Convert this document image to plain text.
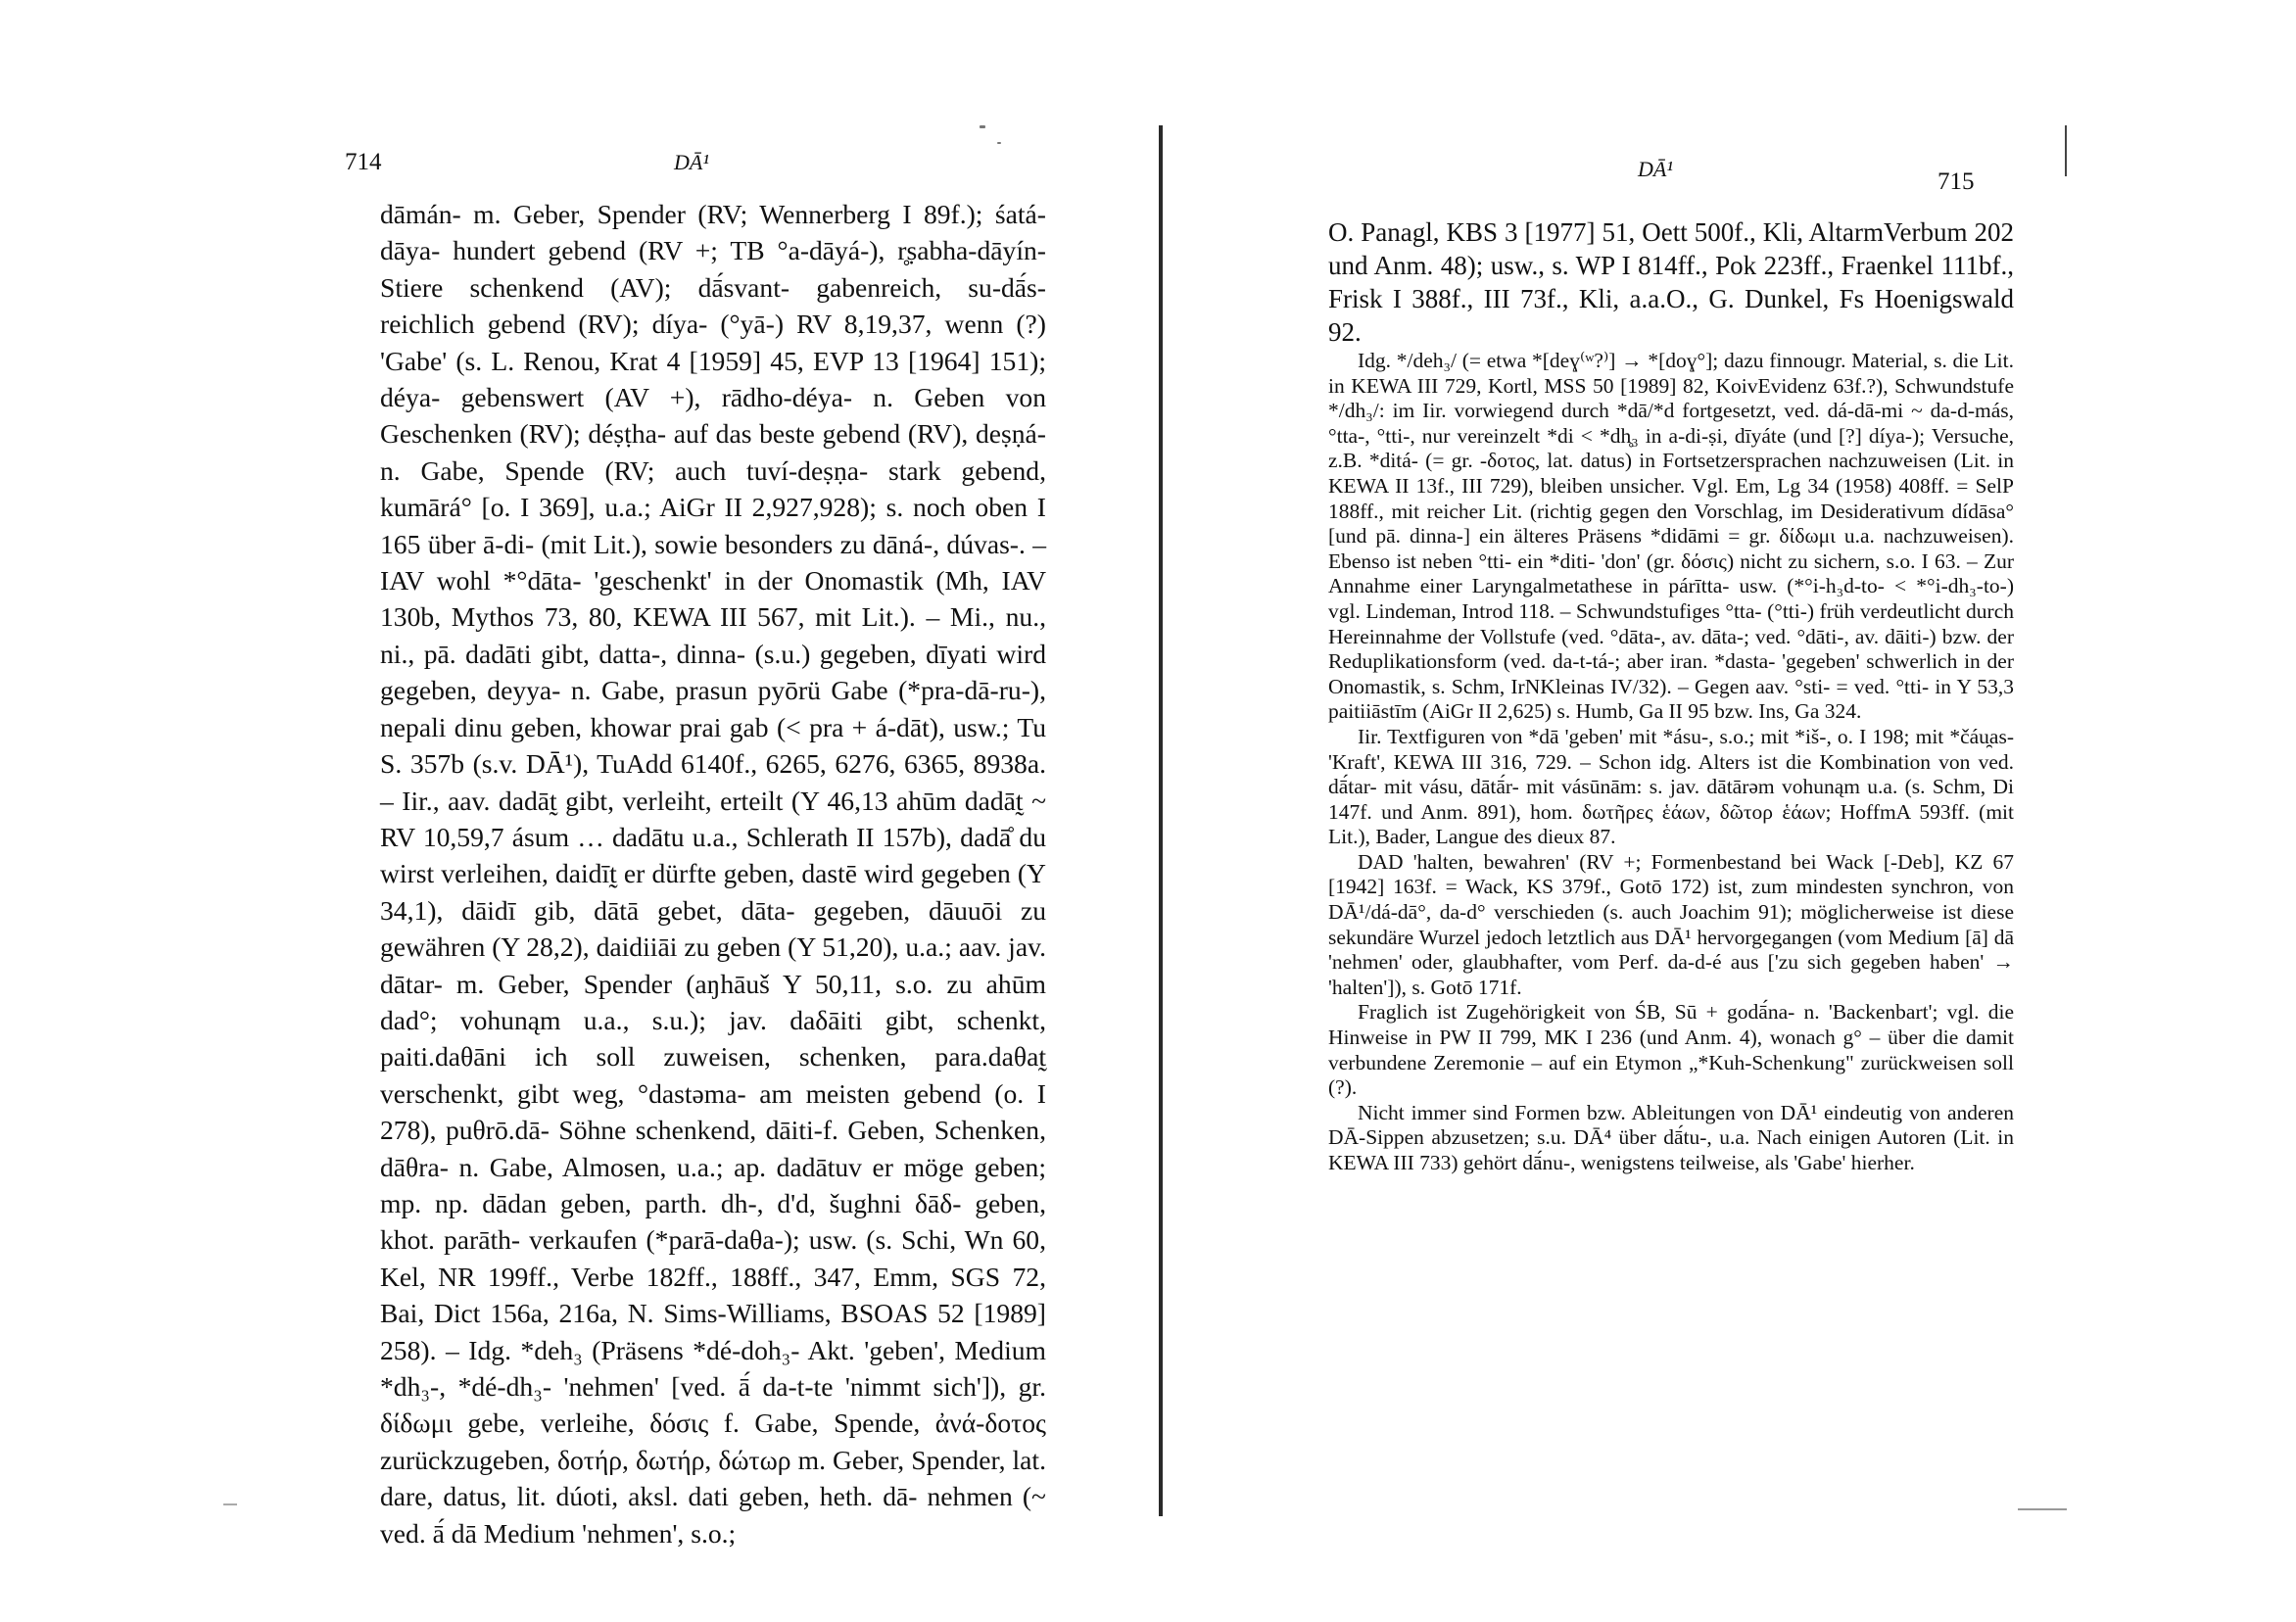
714	DĀ¹
dāmán- m. Geber, Spender (RV; Wennerberg I 89f.); śatá-dāya- hundert gebend (RV +; TB °a-dāyá-), r̥ṣabha-dāyín-Stiere schenkend (AV); dā́svant- gabenreich, su-dā́s- reichlich gebend (RV); díya- (°yā-) RV 8,19,37, wenn (?) 'Gabe' (s. L. Renou, Krat 4 [1959] 45, EVP 13 [1964] 151); déya- gebenswert (AV +), rādho-déya- n. Geben von Geschenken (RV); déṣṭha- auf das beste gebend (RV), deṣṇá- n. Gabe, Spende (RV; auch tuví-deṣṇa- stark gebend, kumārá° [o. I 369], u.a.; AiGr II 2,927,928); s. noch oben I 165 über ā-di- (mit Lit.), sowie besonders zu dāná-, dúvas-. – IAV wohl *°dāta- 'geschenkt' in der Onomastik (Mh, IAV 130b, Mythos 73, 80, KEWA III 567, mit Lit.). – Mi., nu., ni., pā. dadāti gibt, datta-, dinna- (s.u.) gegeben, dīyati wird gegeben, deyya- n. Gabe, prasun pyōrü Gabe (*pra-dā-ru-), nepali dinu geben, khowar prai gab (< pra + á-dāt), usw.; Tu S. 357b (s.v. DĀ¹), TuAdd 6140f., 6265, 6276, 6365, 8938a. – Iir., aav. dadāt̰ gibt, verleiht, erteilt (Y 46,13 ahūm dadāt̰ ~ RV 10,59,7 ásum … dadātu u.a., Schlerath II 157b), dadā̊ du wirst verleihen, daidīt̰ er dürfte geben, dastē wird gegeben (Y 34,1), dāidī gib, dātā gebet, dāta- gegeben, dāuuōi zu gewähren (Y 28,2), daidiiāi zu geben (Y 51,20), u.a.; aav. jav. dātar- m. Geber, Spender (aŋhāuš Y 50,11, s.o. zu ahūm dad°; vohunąm u.a., s.u.); jav. daδāiti gibt, schenkt, paiti.daθāni ich soll zuweisen, schenken, para.daθat̰ verschenkt, gibt weg, °dastəma- am meisten gebend (o. I 278), puθrō.dā- Söhne schenkend, dāiti-f. Geben, Schenken, dāθra- n. Gabe, Almosen, u.a.; ap. dadātuv er möge geben; mp. np. dādan geben, parth. dh-, d'd, šughni δāδ- geben, khot. parāth- verkaufen (*parā-daθa-); usw. (s. Schi, Wn 60, Kel, NR 199ff., Verbe 182ff., 188ff., 347, Emm, SGS 72, Bai, Dict 156a, 216a, N. Sims-Williams, BSOAS 52 [1989] 258). – Idg. *deh₃ (Präsens *dé-doh₃- Akt. 'geben', Medium *dh₃-, *dé-dh₃- 'nehmen' [ved. ā́ da-t-te 'nimmt sich']), gr. δίδωμι gebe, verleihe, δόσις f. Gabe, Spende, ἀνά-δοτος zurückzugeben, δοτήρ, δωτήρ, δώτωρ m. Geber, Spender, lat. dare, datus, lit. dúoti, aksl. dati geben, heth. dā- nehmen (~ ved. ā́ dā Medium 'nehmen', s.o.;
DĀ¹	715
O. Panagl, KBS 3 [1977] 51, Oett 500f., Kli, AltarmVerbum 202 und Anm. 48); usw., s. WP I 814ff., Pok 223ff., Fraenkel 111bf., Frisk I 388f., III 73f., Kli, a.a.O., G. Dunkel, Fs Hoenigswald 92.

Idg. */deh₃/ (= etwa *[deɣ⁽ʷ?⁾] → *[doɣ°]; dazu finnougr. Material, s. die Lit. in KEWA III 729, Kortl, MSS 50 [1989] 82, KoivEvidenz 63f.?), Schwundstufe */dh₃/: im Iir. vorwiegend durch *dā/*d fortgesetzt, ved. dá-dā-mi ~ da-d-más, °tta-, °tti-, nur vereinzelt *di < *dh̥₃ in a-di-ṣi, dīyáte (und [?] díya-); Versuche, z.B. *ditá- (= gr. -δοτος, lat. datus) in Fortsetzersprachen nachzuweisen (Lit. in KEWA II 13f., III 729), bleiben unsicher. Vgl. Em, Lg 34 (1958) 408ff. = SelP 188ff., mit reicher Lit. (richtig gegen den Vorschlag, im Desiderativum dídāsa° [und pā. dinna-] ein älteres Präsens *didāmi = gr. δίδωμι u.a. nachzuweisen). Ebenso ist neben °tti- ein *diti- 'don' (gr. δόσις) nicht zu sichern, s.o. I 63. – Zur Annahme einer Laryngalmetathese in párītta- usw. (*°i-h₃d-to- < *°i-dh₃-to-) vgl. Lindeman, Introd 118. – Schwundstufiges °tta- (°tti-) früh verdeutlicht durch Hereinnahme der Vollstufe (ved. °dāta-, av. dāta-; ved. °dāti-, av. dāiti-) bzw. der Reduplikationsform (ved. da-t-tá-; aber iran. *dasta- 'gegeben' schwerlich in der Onomastik, s. Schm, IrNKleinas IV/32). – Gegen aav. °sti- = ved. °tti- in Y 53,3 paitiiāstīm (AiGr II 2,625) s. Humb, Ga II 95 bzw. Ins, Ga 324.

Iir. Textfiguren von *dā 'geben' mit *ásu-, s.o.; mit *iš-, o. I 198; mit *čáu̯as- 'Kraft', KEWA III 316, 729. – Schon idg. Alters ist die Kombination von ved. dā́tar- mit vásu, dātā́r- mit vásūnām: s. jav. dātārəm vohunąm u.a. (s. Schm, Di 147f. und Anm. 891), hom. δωτῆρες ἑάων, δῶτορ ἑάων; HoffmA 593ff. (mit Lit.), Bader, Langue des dieux 87.

DAD 'halten, bewahren' (RV +; Formenbestand bei Wack [-Deb], KZ 67 [1942] 163f. = Wack, KS 379f., Gotō 172) ist, zum mindesten synchron, von DĀ¹/dá-dā°, da-d° verschieden (s. auch Joachim 91); möglicherweise ist diese sekundäre Wurzel jedoch letztlich aus DĀ¹ hervorgegangen (vom Medium [ā] dā 'nehmen' oder, glaubhafter, vom Perf. da-d-é aus ['zu sich gegeben haben' → 'halten']), s. Gotō 171f.

Fraglich ist Zugehörigkeit von ŚB, Sū + godā́na- n. 'Backenbart'; vgl. die Hinweise in PW II 799, MK I 236 (und Anm. 4), wonach g° – über die damit verbundene Zeremonie – auf ein Etymon „*Kuh-Schenkung" zurückweisen soll (?).

Nicht immer sind Formen bzw. Ableitungen von DĀ¹ eindeutig von anderen DĀ-Sippen abzusetzen; s.u. DĀ⁴ über dā́tu-, u.a. Nach einigen Autoren (Lit. in KEWA III 733) gehört dā́nu-, wenigstens teilweise, als 'Gabe' hierher.
